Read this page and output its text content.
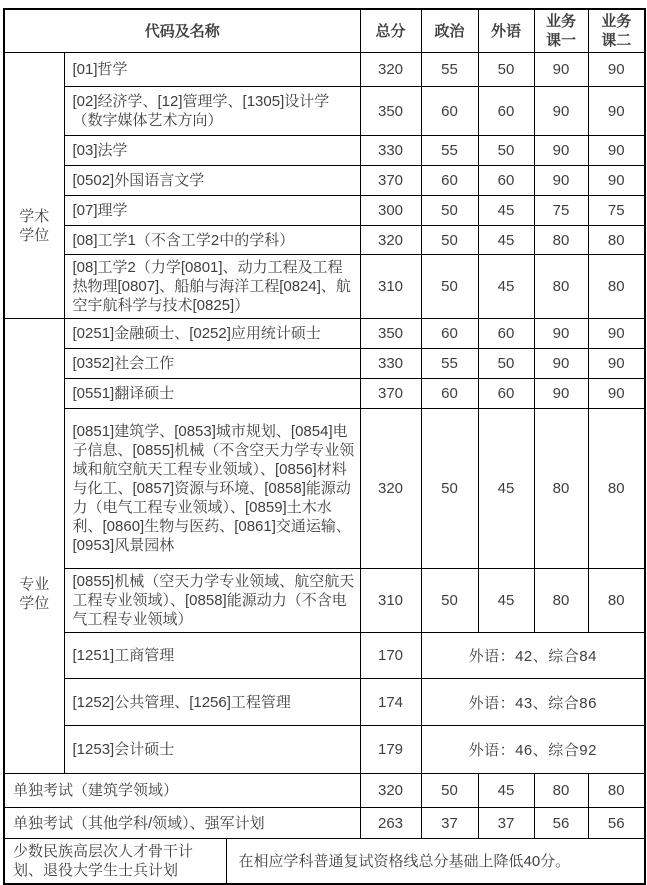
代码及名称			总分	政治	外语	业务课一	业务课二
学术学位	[01]哲学		320	55	50	90	90
	[02]经济学、[12]管理学、[1305]设计学（数字媒体艺术方向）		350	60	60	90	90
	[03]法学		330	55	50	90	90
	[0502]外国语言文学		370	60	60	90	90
	[07]理学		300	50	45	75	75
	[08]工学1（不含工学2中的学科）		320	50	45	80	80
	[08]工学2（力学[0801]、动力工程及工程热物理[0807]、船舶与海洋工程[0824]、航空宇航科学与技术[0825]）		310	50	45	80	80
专业学位	[0251]金融硕士、[0252]应用统计硕士		350	60	60	90	90
	[0352]社会工作		330	55	50	90	90
	[0551]翻译硕士		370	60	60	90	90
	[0851]建筑学、[0853]城市规划、[0854]电子信息、[0855]机械（不含空天力学专业领域和航空航天工程专业领域）、[0856]材料与化工、[0857]资源与环境、[0858]能源动力（电气工程专业领域）、[0859]土木水利、[0860]生物与医药、[0861]交通运输、[0953]风景园林		320	50	45	80	80
	[0855]机械（空天力学专业领域、航空航天工程专业领域）、[0858]能源动力（不含电气工程专业领域）		310	50	45	80	80
	[1251]工商管理		170	外语：42、综合84			
	[1252]公共管理、[1256]工程管理		174	外语：43、综合86			
	[1253]会计硕士		179	外语：46、综合92			
单独考试（建筑学领域）			320	50	45	80	80
单独考试（其他学科/领域）、强军计划			263	37	37	56	56
少数民族高层次人才骨干计划、退役大学生士兵计划		在相应学科普通复试资格线总分基础上降低40分。					
